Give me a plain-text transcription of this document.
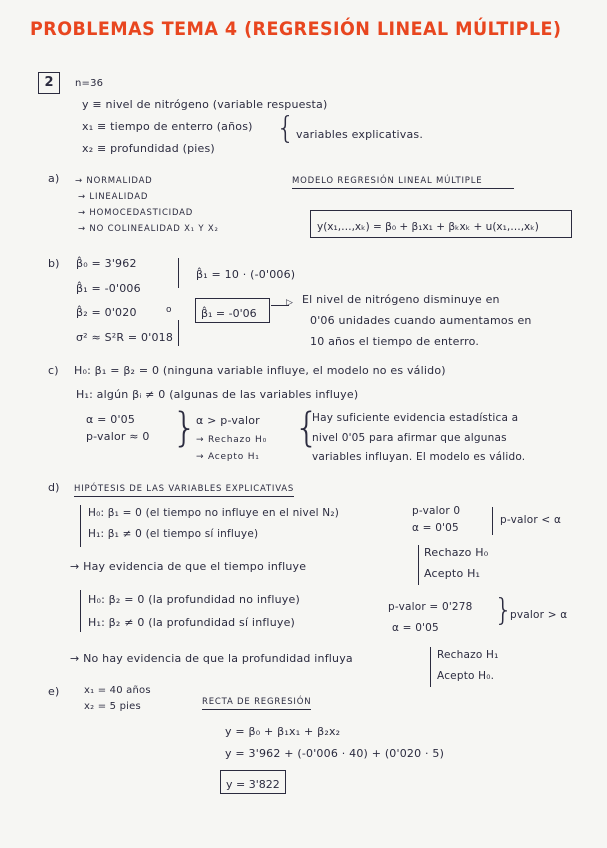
PROBLEMAS TEMA 4 (REGRESIÓN LINEAL MÚLTIPLE)
2	n=36
y ≡ nivel de nitrógeno (variable respuesta)
x₁ ≡ tiempo de enterro (años)
x₂ ≡ profundidad (pies)
{ variables explicativas.
a) → NORMALIDAD
→ LINEALIDAD
→ HOMOCEDASTICIDAD
→ NO COLINEALIDAD X₁ Y X₂
MODELO REGRESIÓN LINEAL MÚLTIPLE
y(x₁,…,xₖ) = β₀ + β₁x₁ + βₖxₖ + u(x₁,…,xₖ)
b) β̂₀ = 3'962
β̂₁ = -0'006
β̂₂ = 0'020
σ² ≈ S²R = 0'018
o
β̂₁ = 10 · (-0'006)
β̂₁ = -0'06
▷ El nivel de nitrógeno disminuye en
0'06 unidades cuando aumentamos en
10 años el tiempo de enterro.
c) H₀: β₁ = β₂ = 0 (ninguna variable influye, el modelo no es válido)
H₁: algún βᵢ ≠ 0 (algunas de las variables influye)
α = 0'05
p-valor ≈ 0 }
α > p-valor
→ Rechazo H₀
→ Acepto H₁
{
Hay suficiente evidencia estadística a
nivel 0'05 para afirmar que algunas
variables influyan. El modelo es válido.
d) HIPÓTESIS DE LAS VARIABLES EXPLICATIVAS
H₀: β₁ = 0 (el tiempo no influye en el nivel N₂)
H₁: β₁ ≠ 0 (el tiempo sí influye)
p-valor 0
α = 0'05
p-valor < α
Rechazo H₀
Acepto H₁
→ Hay evidencia de que el tiempo influye
H₀: β₂ = 0 (la profundidad no influye)
H₁: β₂ ≠ 0 (la profundidad sí influye)
p-valor = 0'278
α = 0'05 }
pvalor > α
→ No hay evidencia de que la profundidad influya	Rechazo H₁
Acepto H₀.
e) x₁ = 40 años
x₂ = 5 pies	RECTA DE REGRESIÓN
y = β₀ + β₁x₁ + β₂x₂
y = 3'962 + (-0'006 · 40) + (0'020 · 5)
y = 3'822
